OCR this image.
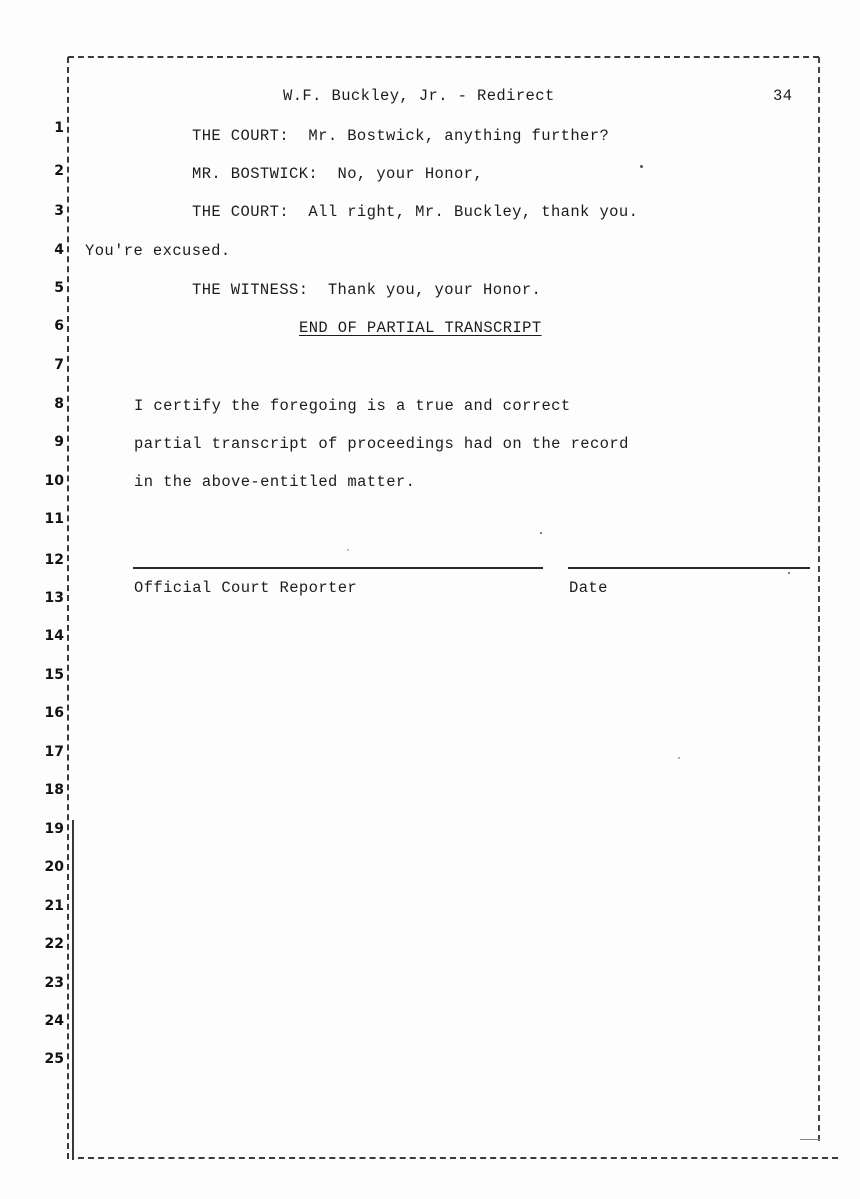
W.F. Buckley, Jr. - Redirect	34
1
2
3
4
5
6
7
8
9
10
11
12
13
14
15
16
17
18
19
20
21
22
23
24
25
THE COURT:  Mr. Bostwick, anything further?
MR. BOSTWICK:  No, your Honor,
THE COURT:  All right, Mr. Buckley, thank you.
You're excused.
THE WITNESS:  Thank you, your Honor.
END OF PARTIAL TRANSCRIPT
I certify the foregoing is a true and correct
partial transcript of proceedings had on the record
in the above-entitled matter.
Official Court Reporter	Date
